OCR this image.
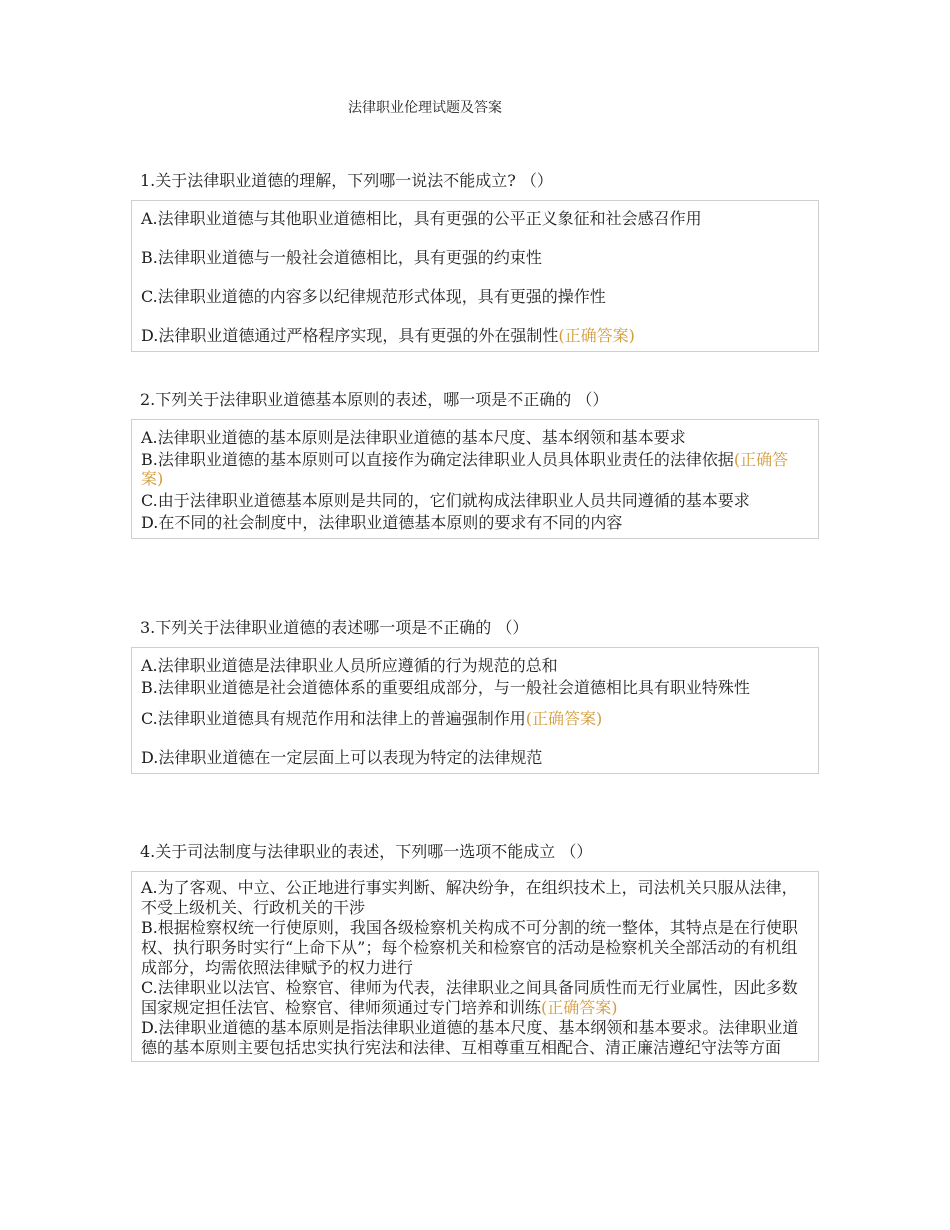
法律职业伦理试题及答案
1.关于法律职业道德的理解，下列哪一说法不能成立? （）
A.法律职业道德与其他职业道德相比，具有更强的公平正义象征和社会感召作用
B.法律职业道德与一般社会道德相比，具有更强的约束性
C.法律职业道德的内容多以纪律规范形式体现，具有更强的操作性
D.法律职业道德通过严格程序实现，具有更强的外在强制性(正确答案)
2.下列关于法律职业道德基本原则的表述，哪一项是不正确的 （）
A.法律职业道德的基本原则是法律职业道德的基本尺度、基本纲领和基本要求
B.法律职业道德的基本原则可以直接作为确定法律职业人员具体职业责任的法律依据(正确答案)
C.由于法律职业道德基本原则是共同的，它们就构成法律职业人员共同遵循的基本要求
D.在不同的社会制度中，法律职业道德基本原则的要求有不同的内容
3.下列关于法律职业道德的表述哪一项是不正确的 （）
A.法律职业道德是法律职业人员所应遵循的行为规范的总和
B.法律职业道德是社会道德体系的重要组成部分，与一般社会道德相比具有职业特殊性
C.法律职业道德具有规范作用和法律上的普遍强制作用(正确答案)
D.法律职业道德在一定层面上可以表现为特定的法律规范
4.关于司法制度与法律职业的表述，下列哪一选项不能成立 （）
A.为了客观、中立、公正地进行事实判断、解决纷争，在组织技术上，司法机关只服从法律，不受上级机关、行政机关的干涉
B.根据检察权统一行使原则，我国各级检察机关构成不可分割的统一整体，其特点是在行使职权、执行职务时实行“上命下从”；每个检察机关和检察官的活动是检察机关全部活动的有机组成部分，均需依照法律赋予的权力进行
C.法律职业以法官、检察官、律师为代表，法律职业之间具备同质性而无行业属性，因此多数国家规定担任法官、检察官、律师须通过专门培养和训练(正确答案)
D.法律职业道德的基本原则是指法律职业道德的基本尺度、基本纲领和基本要求。法律职业道德的基本原则主要包括忠实执行宪法和法律、互相尊重互相配合、清正廉洁遵纪守法等方面
